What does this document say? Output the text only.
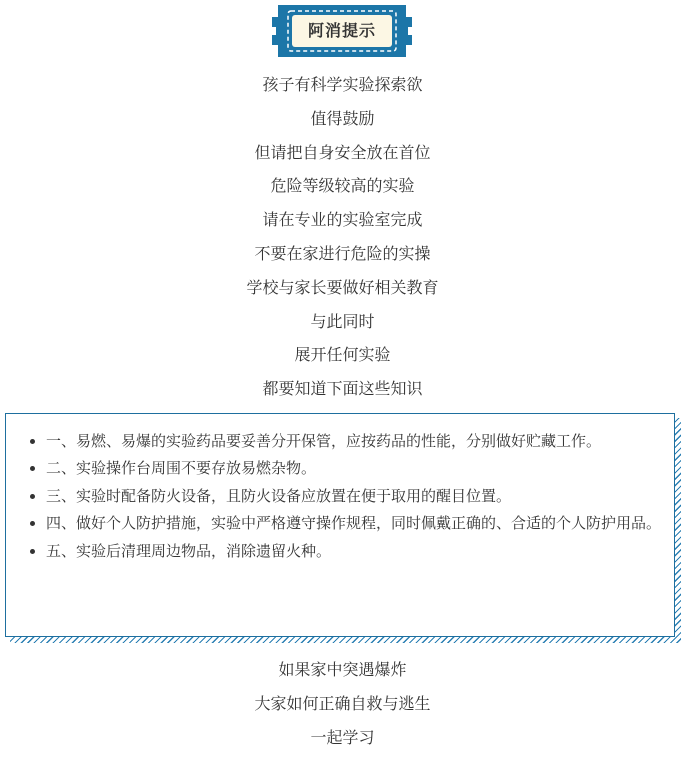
阿消提示
孩子有科学实验探索欲
值得鼓励
但请把自身安全放在首位
危险等级较高的实验
请在专业的实验室完成
不要在家进行危险的实操
学校与家长要做好相关教育
与此同时
展开任何实验
都要知道下面这些知识
• 一、易燃、易爆的实验药品要妥善分开保管，应按药品的性能，分别做好贮藏工作。
• 二、实验操作台周围不要存放易燃杂物。
• 三、实验时配备防火设备，且防火设备应放置在便于取用的醒目位置。
• 四、做好个人防护措施，实验中严格遵守操作规程，同时佩戴正确的、合适的个人防护用品。
• 五、实验后清理周边物品，消除遗留火种。
如果家中突遇爆炸
大家如何正确自救与逃生
一起学习
